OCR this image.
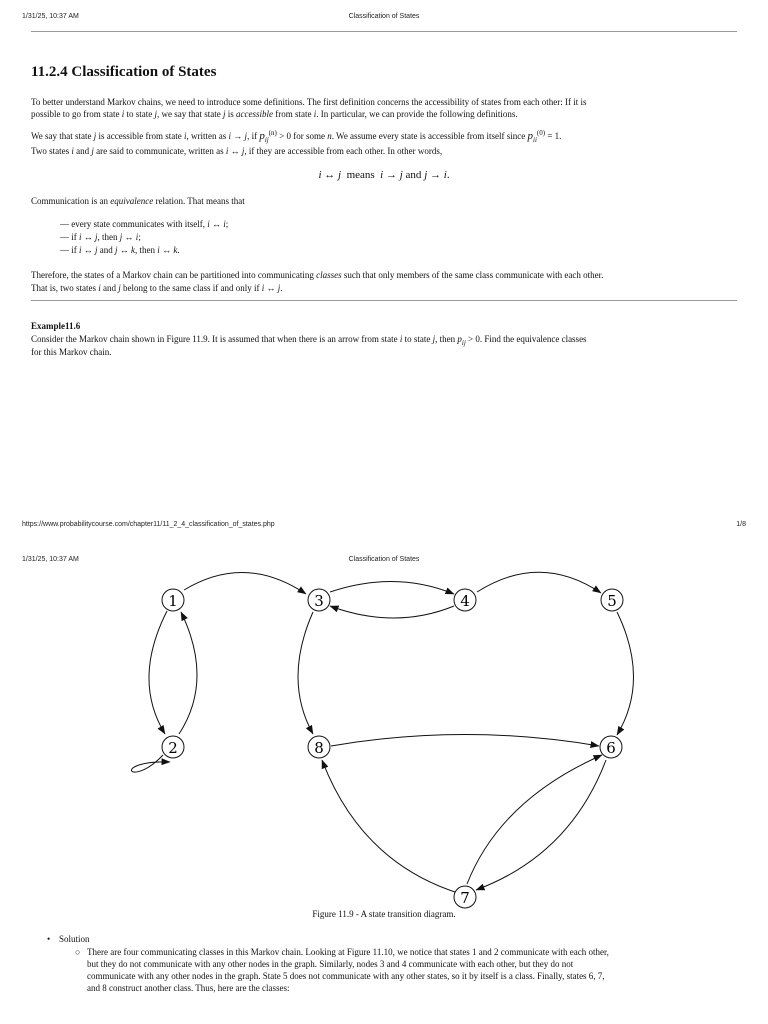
1/31/25, 10:37 AM	Classification of States
11.2.4 Classification of States
To better understand Markov chains, we need to introduce some definitions. The first definition concerns the accessibility of states from each other: If it is
possible to go from state i to state j, we say that state j is accessible from state i. In particular, we can provide the following definitions.
We say that state j is accessible from state i, written as i → j, if $p_{ij}^{(n)} > 0$ for some n. We assume every state is accessible from itself since $p_{ii}^{(0)} = 1$.
Two states i and j are said to communicate, written as i ↔ j, if they are accessible from each other. In other words,
i ↔ j means i → j and j → i.
Communication is an equivalence relation. That means that
— every state communicates with itself, i ↔ i;
— if i ↔ j, then j ↔ i;
— if i ↔ j and j ↔ k, then i ↔ k.
Therefore, the states of a Markov chain can be partitioned into communicating classes such that only members of the same class communicate with each other.
That is, two states i and j belong to the same class if and only if i ↔ j.
Example11.6
Consider the Markov chain shown in Figure 11.9. It is assumed that when there is an arrow from state i to state j, then $p_{ij} > 0$. Find the equivalence classes
for this Markov chain.
https://www.probabilitycourse.com/chapter11/11_2_4_classification_of_states.php	1/8
1/31/25, 10:37 AM	Classification of States
1
2
3	4	5
6
7
8
Figure 11.9 - A state transition diagram.
• Solution
○ There are four communicating classes in this Markov chain. Looking at Figure 11.10, we notice that states 1 and 2 communicate with each other,
but they do not communicate with any other nodes in the graph. Similarly, nodes 3 and 4 communicate with each other, but they do not
communicate with any other nodes in the graph. State 5 does not communicate with any other states, so it by itself is a class. Finally, states 6, 7,
and 8 construct another class. Thus, here are the classes:
